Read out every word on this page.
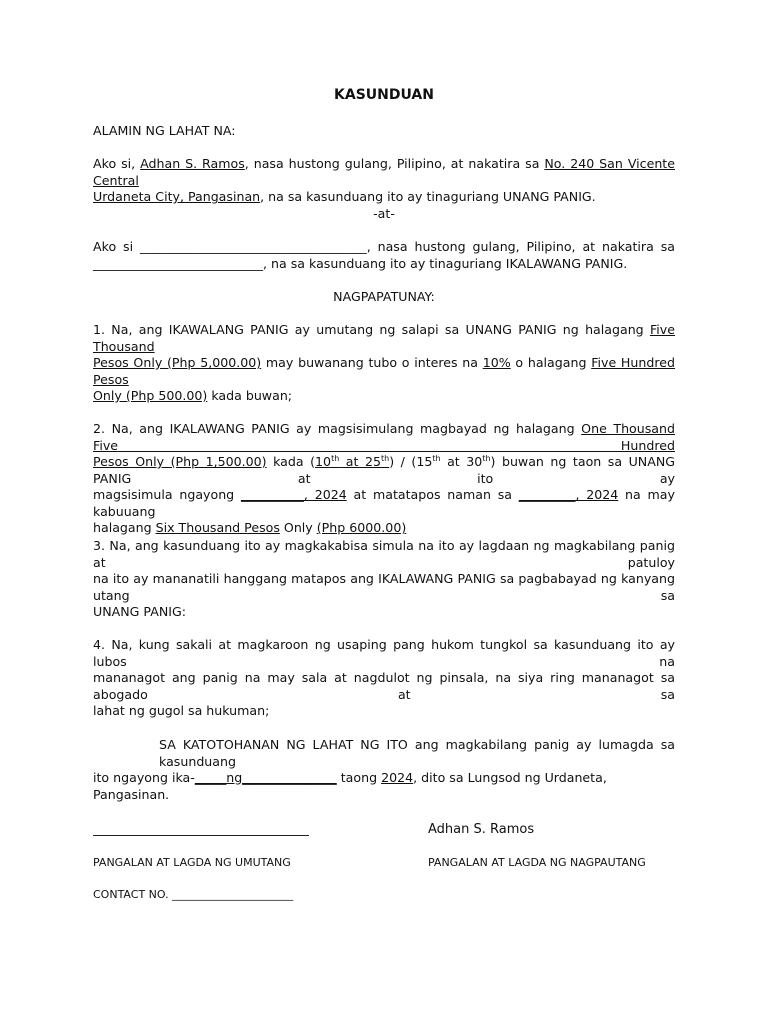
KASUNDUAN
ALAMIN NG LAHAT NA:
Ako si, Adhan S. Ramos, nasa hustong gulang, Pilipino, at nakatira sa No. 240 San Vicente Central
Urdaneta City, Pangasinan, na sa kasunduang ito ay tinaguriang UNANG PANIG.
-at-
Ako si ____________________________________, nasa hustong gulang, Pilipino, at nakatira sa
___________________________, na sa kasunduang ito ay tinaguriang IKALAWANG PANIG.
NAGPAPATUNAY:
1. Na, ang IKAWALANG PANIG ay umutang ng salapi sa UNANG PANIG ng halagang Five Thousand
Pesos Only (Php 5,000.00) may buwanang tubo o interes na 10% o halagang Five Hundred Pesos
Only (Php 500.00) kada buwan;
2. Na, ang IKALAWANG PANIG ay magsisimulang magbayad ng halagang One Thousand Five Hundred
Pesos Only (Php 1,500.00) kada (10th at 25th) / (15th at 30th) buwan ng taon sa UNANG PANIG at ito ay
magsisimula ngayong __________, 2024 at matatapos naman sa _________, 2024 na may kabuuang
halagang Six Thousand Pesos Only (Php 6000.00)
3. Na, ang kasunduang ito ay magkakabisa simula na ito ay lagdaan ng magkabilang panig at patuloy
na ito ay mananatili hanggang matapos ang IKALAWANG PANIG sa pagbabayad ng kanyang utang sa
UNANG PANIG:
4. Na, kung sakali at magkaroon ng usaping pang hukom tungkol sa kasunduang ito ay lubos na
mananagot ang panig na may sala at nagdulot ng pinsala, na siya ring mananagot sa abogado at sa
lahat ng gugol sa hukuman;
SA KATOTOHANAN NG LAHAT NG ITO ang magkabilang panig ay lumagda sa kasunduang
ito ngayong ika-_____ng_______________ taong 2024, dito sa Lungsod ng Urdaneta, Pangasinan.
Adhan S. Ramos
PANGALAN AT LAGDA NG UMUTANG	PANGALAN AT LAGDA NG NAGPAUTANG
CONTACT NO. ______________________
